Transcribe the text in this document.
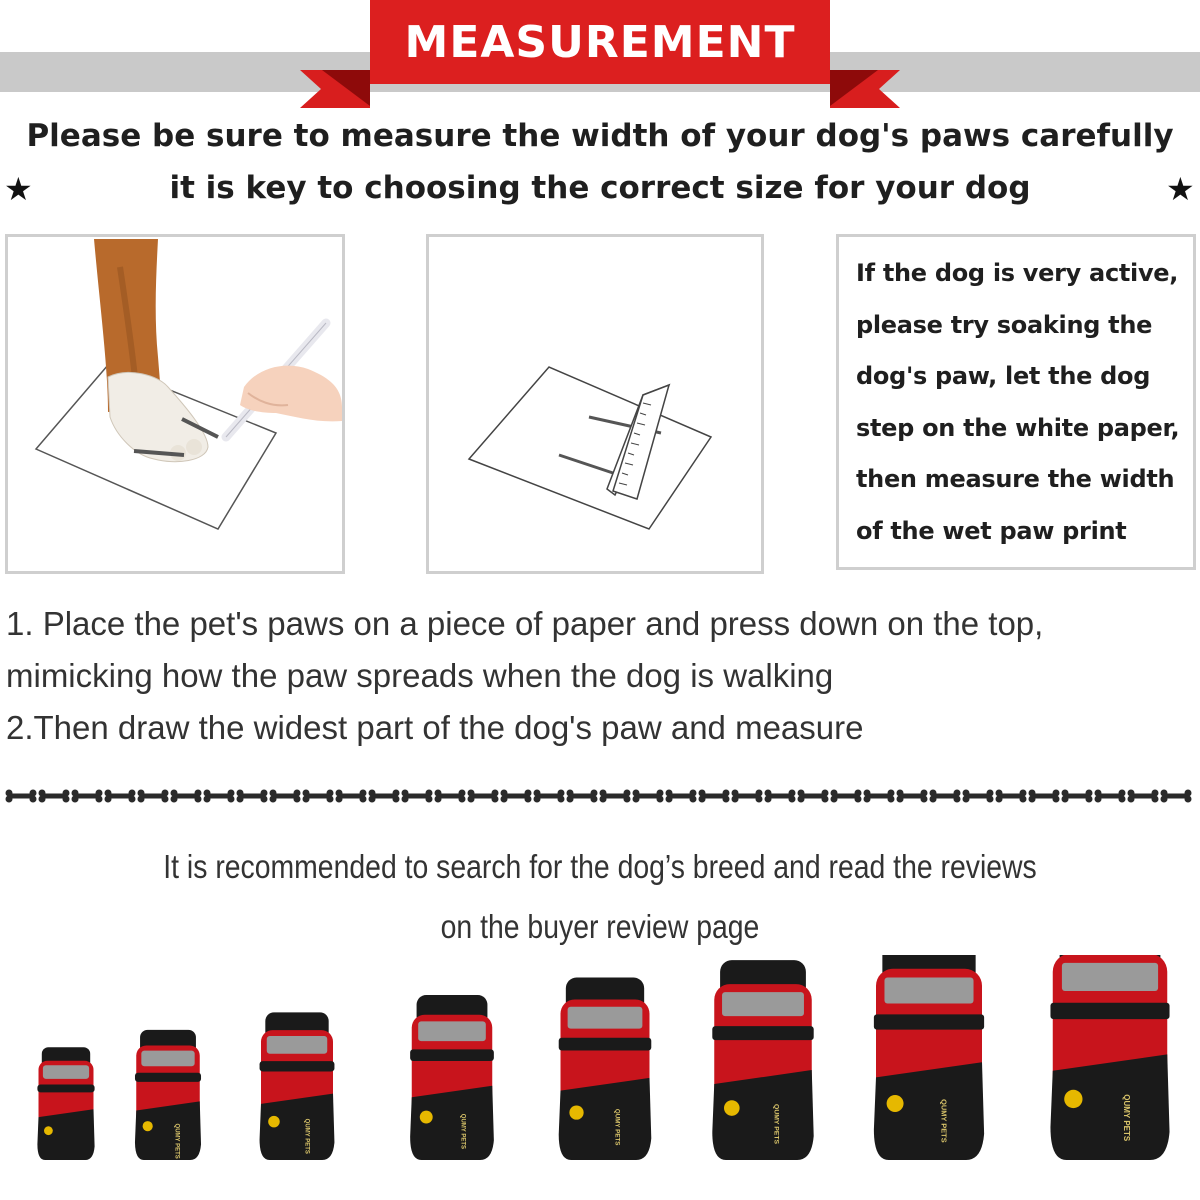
MEASUREMENT
Please be sure to measure the width of your dog's paws carefully
it is key to choosing the correct size for your dog
★	★
If the dog is very active,
please try soaking the
dog's paw, let the dog
step on the white paper,
then measure the width
of the wet paw print
1. Place the pet's paws on a piece of paper and press down on the top,
mimicking how the paw spreads when the dog is walking
2.Then draw the widest part of the dog's paw and measure
It is recommended to search for the dog’s breed and read the reviews
on the buyer review page
QUMY PETS	QUMY PETS	QUMY PETS	QUMY PETS	QUMY PETS	QUMY PETS	QUMY PETS
